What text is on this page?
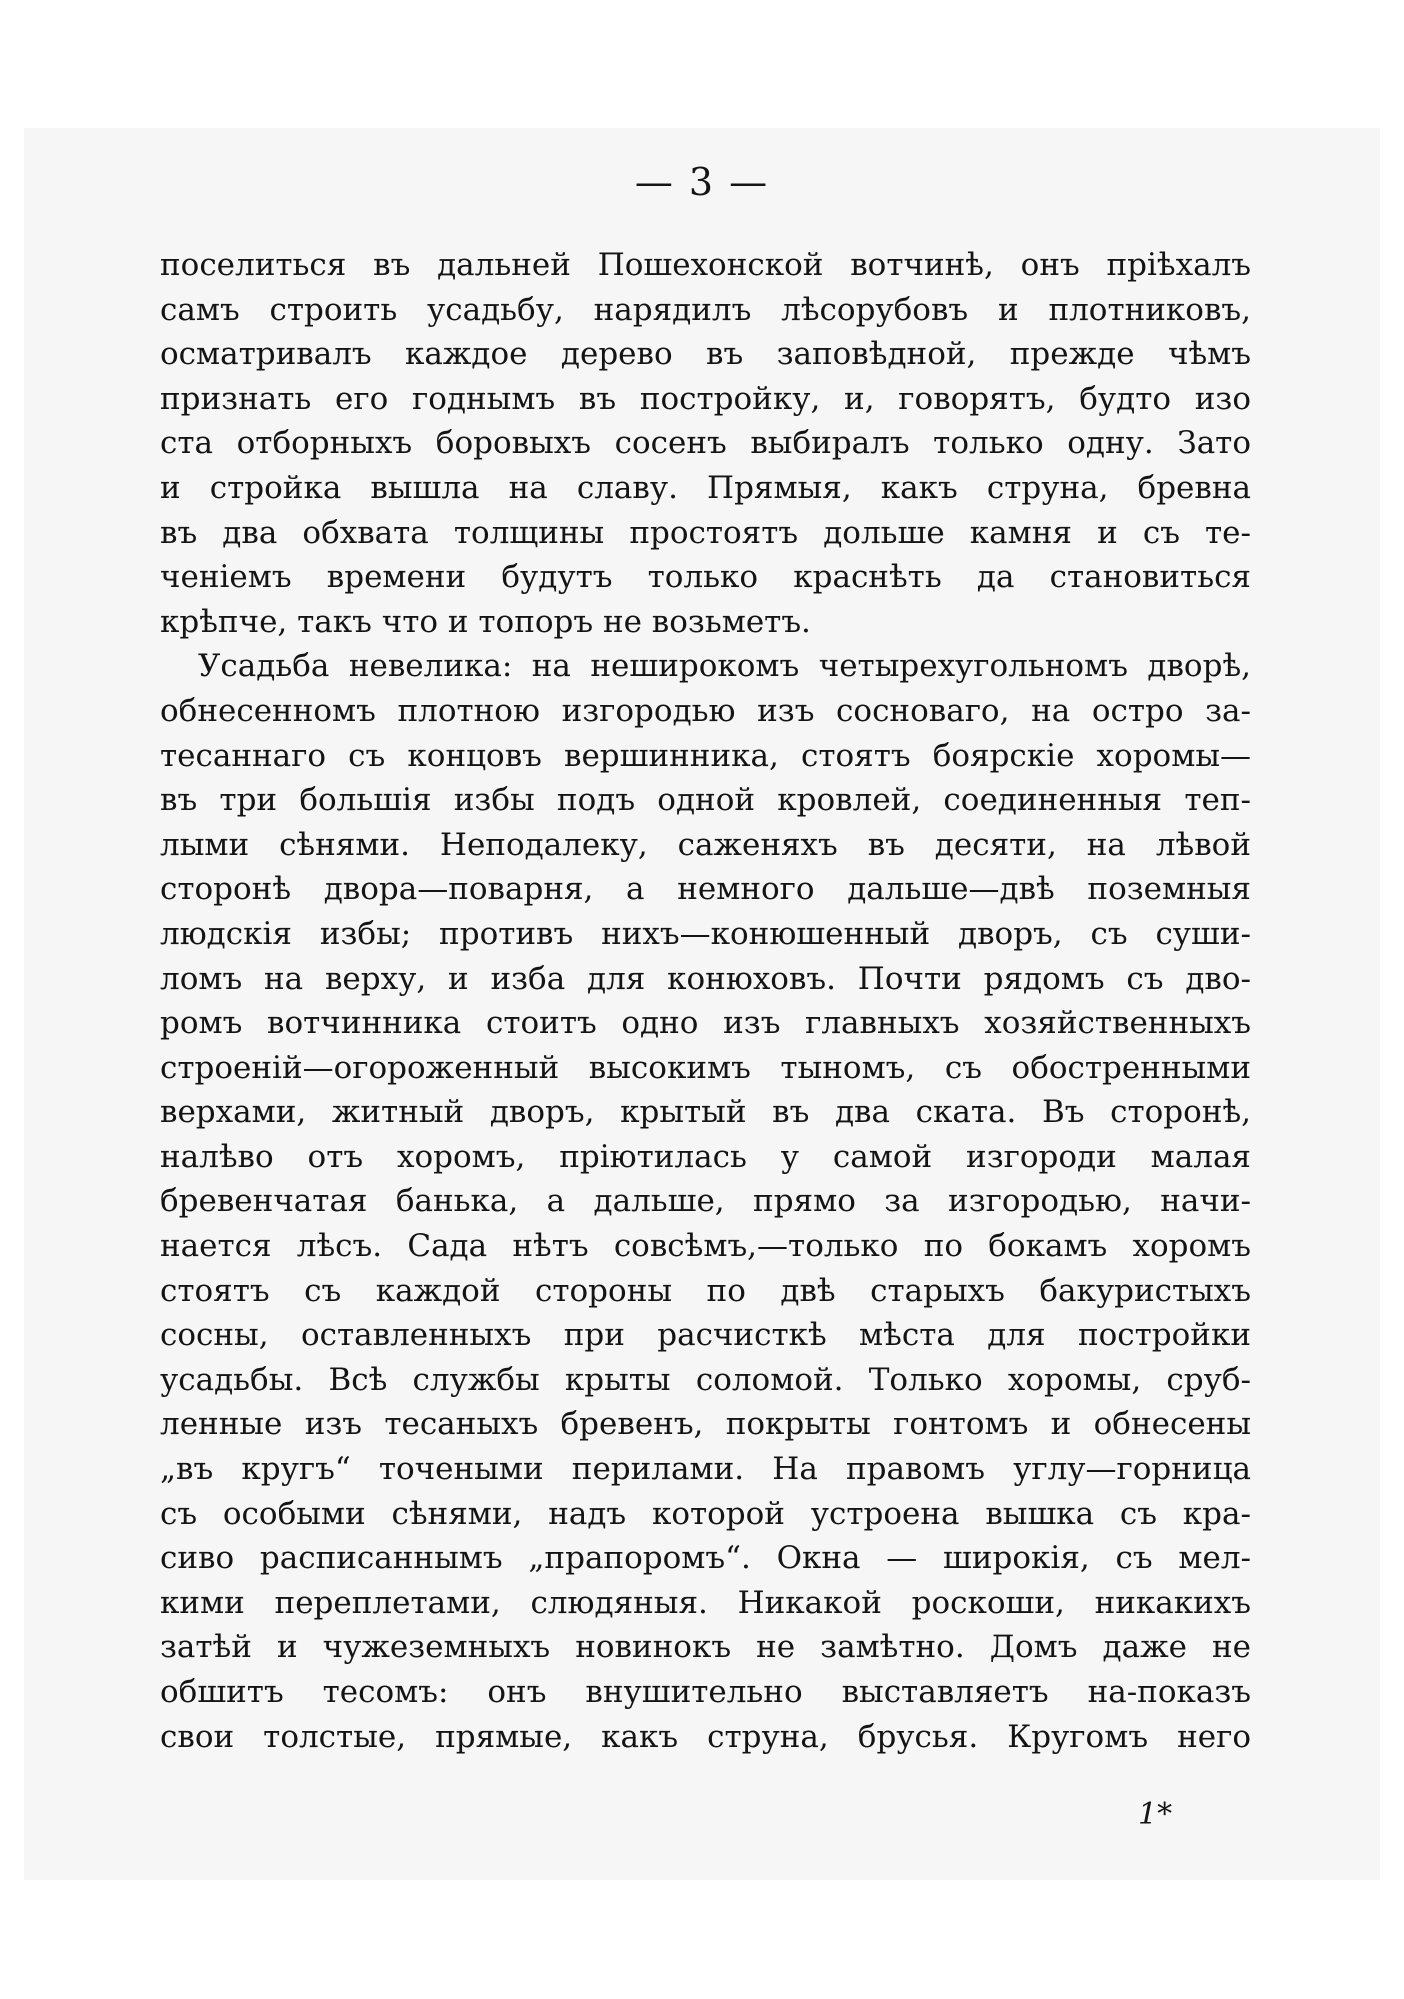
— 3 —
поселиться въ дальней Пошехонской вотчинѣ, онъ пріѣхалъ
самъ строить усадьбу, нарядилъ лѣсорубовъ и плотниковъ,
осматривалъ каждое дерево въ заповѣдной, прежде чѣмъ
признать его годнымъ въ постройку, и, говорятъ, будто изо
ста отборныхъ боровыхъ сосенъ выбиралъ только одну. Зато
и стройка вышла на славу. Прямыя, какъ струна, бревна
въ два обхвата толщины простоятъ дольше камня и съ те-
ченіемъ времени будутъ только краснѣть да становиться
крѣпче, такъ что и топоръ не возьметъ.
Усадьба невелика: на неширокомъ четырехугольномъ дворѣ,
обнесенномъ плотною изгородью изъ сосноваго, на остро за-
тесаннаго съ концовъ вершинника, стоятъ боярскіе хоромы—
въ три большія избы подъ одной кровлей, соединенныя теп-
лыми сѣнями. Неподалеку, саженяхъ въ десяти, на лѣвой
сторонѣ двора—поварня, а немного дальше—двѣ поземныя
людскія избы; противъ нихъ—конюшенный дворъ, съ суши-
ломъ на верху, и изба для конюховъ. Почти рядомъ съ дво-
ромъ вотчинника стоитъ одно изъ главныхъ хозяйственныхъ
строеній—огороженный высокимъ тыномъ, съ обостренными
верхами, житный дворъ, крытый въ два ската. Въ сторонѣ,
налѣво отъ хоромъ, пріютилась у самой изгороди малая
бревенчатая банька, а дальше, прямо за изгородью, начи-
нается лѣсъ. Сада нѣтъ совсѣмъ,—только по бокамъ хоромъ
стоятъ съ каждой стороны по двѣ старыхъ бакуристыхъ
сосны, оставленныхъ при расчисткѣ мѣста для постройки
усадьбы. Всѣ службы крыты соломой. Только хоромы, сруб-
ленные изъ тесаныхъ бревенъ, покрыты гонтомъ и обнесены
„въ кругъ“ точеными перилами. На правомъ углу—горница
съ особыми сѣнями, надъ которой устроена вышка съ кра-
сиво расписаннымъ „прапоромъ“. Окна — широкія, съ мел-
кими переплетами, слюдяныя. Никакой роскоши, никакихъ
затѣй и чужеземныхъ новинокъ не замѣтно. Домъ даже не
обшитъ тесомъ: онъ внушительно выставляетъ на-показъ
свои толстые, прямые, какъ струна, брусья. Кругомъ него
1*
